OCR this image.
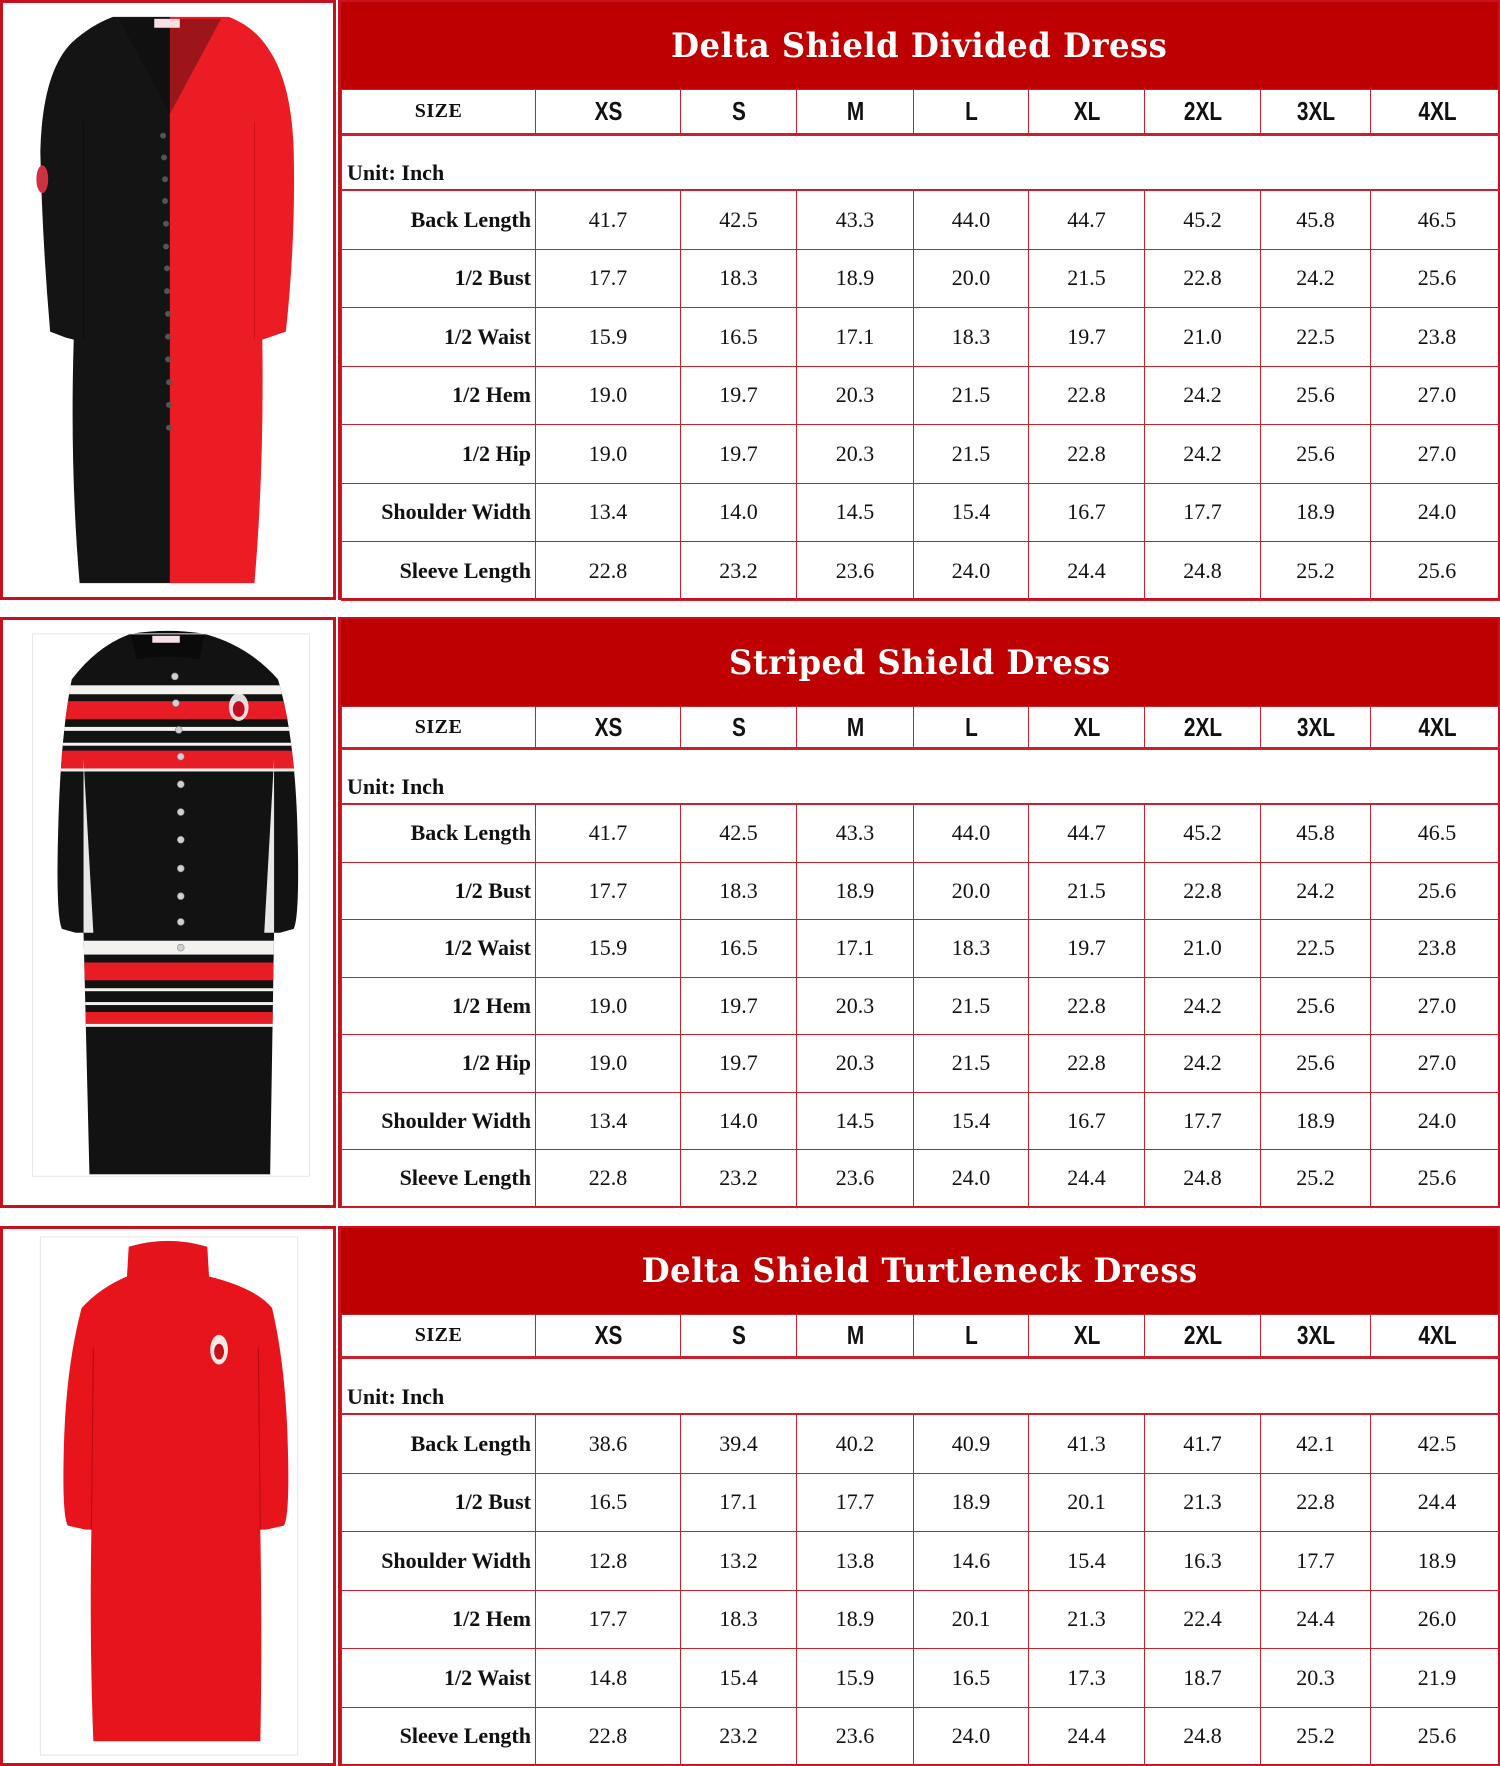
Delta Shield Divided Dress
SIZE	XS	S	M	L	XL	2XL	3XL	4XL
Unit: Inch
Back Length	41.7	42.5	43.3	44.0	44.7	45.2	45.8	46.5
1/2 Bust	17.7	18.3	18.9	20.0	21.5	22.8	24.2	25.6
1/2 Waist	15.9	16.5	17.1	18.3	19.7	21.0	22.5	23.8
1/2 Hem	19.0	19.7	20.3	21.5	22.8	24.2	25.6	27.0
1/2 Hip	19.0	19.7	20.3	21.5	22.8	24.2	25.6	27.0
Shoulder Width	13.4	14.0	14.5	15.4	16.7	17.7	18.9	24.0
Sleeve Length	22.8	23.2	23.6	24.0	24.4	24.8	25.2	25.6
Striped Shield Dress
SIZE	XS	S	M	L	XL	2XL	3XL	4XL
Unit: Inch
Back Length	41.7	42.5	43.3	44.0	44.7	45.2	45.8	46.5
1/2 Bust	17.7	18.3	18.9	20.0	21.5	22.8	24.2	25.6
1/2 Waist	15.9	16.5	17.1	18.3	19.7	21.0	22.5	23.8
1/2 Hem	19.0	19.7	20.3	21.5	22.8	24.2	25.6	27.0
1/2 Hip	19.0	19.7	20.3	21.5	22.8	24.2	25.6	27.0
Shoulder Width	13.4	14.0	14.5	15.4	16.7	17.7	18.9	24.0
Sleeve Length	22.8	23.2	23.6	24.0	24.4	24.8	25.2	25.6
Delta Shield Turtleneck Dress
SIZE	XS	S	M	L	XL	2XL	3XL	4XL
Unit: Inch
Back Length	38.6	39.4	40.2	40.9	41.3	41.7	42.1	42.5
1/2 Bust	16.5	17.1	17.7	18.9	20.1	21.3	22.8	24.4
Shoulder Width	12.8	13.2	13.8	14.6	15.4	16.3	17.7	18.9
1/2 Hem	17.7	18.3	18.9	20.1	21.3	22.4	24.4	26.0
1/2 Waist	14.8	15.4	15.9	16.5	17.3	18.7	20.3	21.9
Sleeve Length	22.8	23.2	23.6	24.0	24.4	24.8	25.2	25.6
